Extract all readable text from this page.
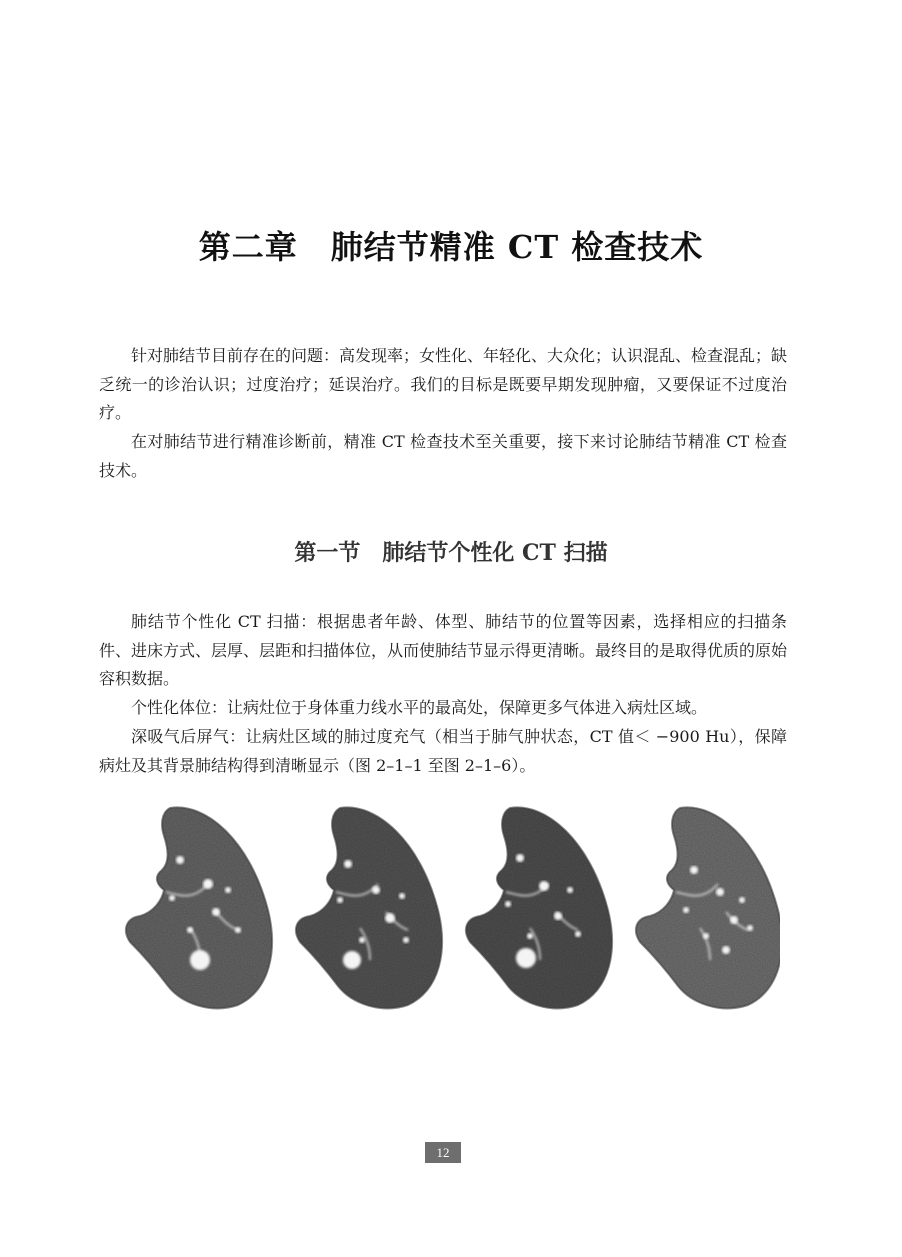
第二章　肺结节精准 CT 检查技术

针对肺结节目前存在的问题：高发现率；女性化、年轻化、大众化；认识混乱、检查混乱；缺乏统一的诊治认识；过度治疗；延误治疗。我们的目标是既要早期发现肿瘤，又要保证不过度治疗。

在对肺结节进行精准诊断前，精准 CT 检查技术至关重要，接下来讨论肺结节精准 CT 检查技术。

第一节　肺结节个性化 CT 扫描

肺结节个性化 CT 扫描：根据患者年龄、体型、肺结节的位置等因素，选择相应的扫描条件、进床方式、层厚、层距和扫描体位，从而使肺结节显示得更清晰。最终目的是取得优质的原始容积数据。

个性化体位：让病灶位于身体重力线水平的最高处，保障更多气体进入病灶区域。

深吸气后屏气：让病灶区域的肺过度充气（相当于肺气肿状态，CT 值＜ −900 Hu），保障病灶及其背景肺结构得到清晰显示（图 2–1–1 至图 2–1–6）。

12
